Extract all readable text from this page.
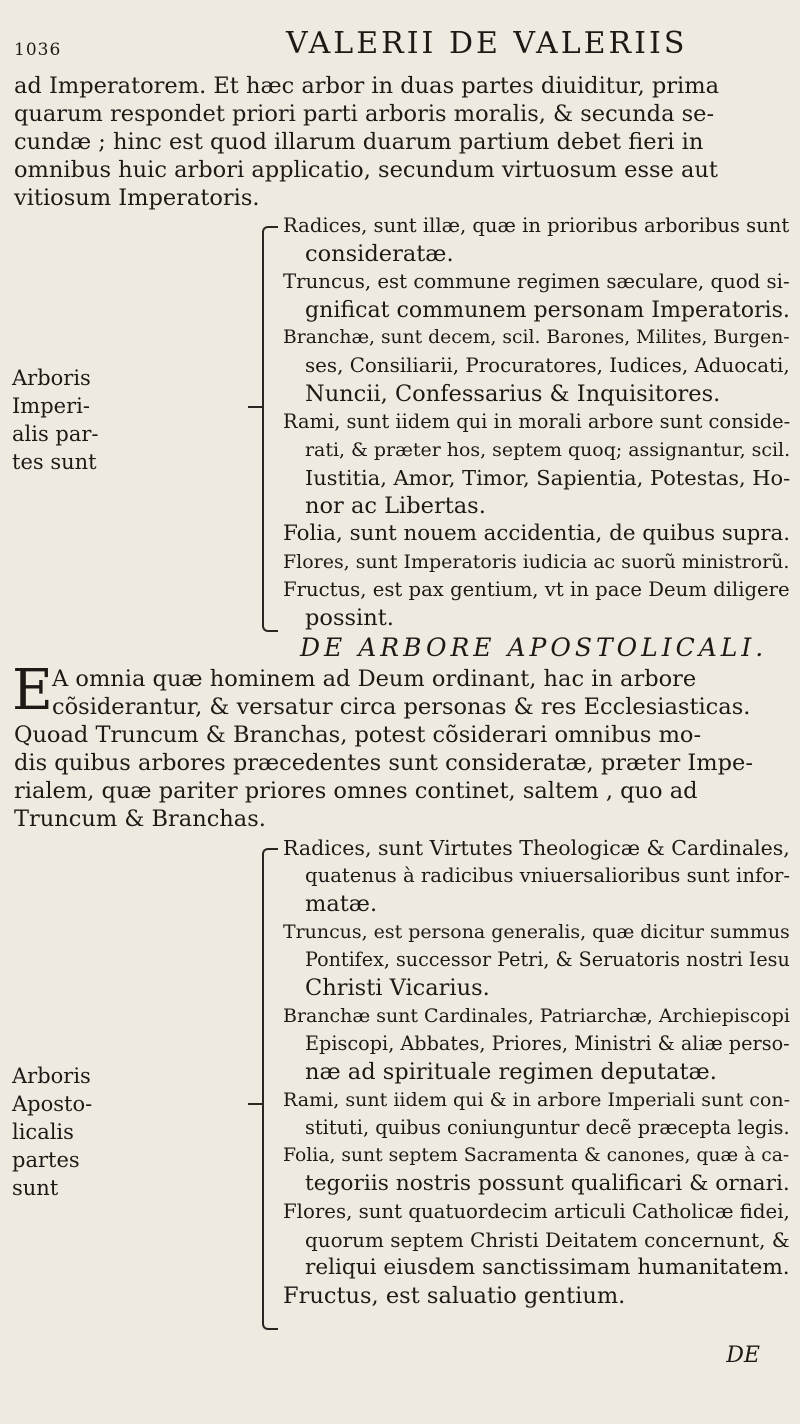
1036	VALERII DE VALERIIS
ad Imperatorem. Et hæc arbor in duas partes diuiditur, prima
quarum respondet priori parti arboris moralis, & secunda se-
cundæ ; hinc est quod illarum duarum partium debet fieri in
omnibus huic arbori applicatio, secundum virtuosum esse aut
vitiosum Imperatoris.
Arboris
Imperi-
alis par-
tes sunt
Radices, sunt illæ, quæ in prioribus arboribus sunt
consideratæ.
Truncus, est commune regimen sæculare, quod si-
gnificat communem personam Imperatoris.
Branchæ, sunt decem, scil. Barones, Milites, Burgen-
ses, Consiliarii, Procuratores, Iudices, Aduocati,
Nuncii, Confessarius & Inquisitores.
Rami, sunt iidem qui in morali arbore sunt conside-
rati, & præter hos, septem quoq; assignantur, scil.
Iustitia, Amor, Timor, Sapientia, Potestas, Ho-
nor ac Libertas.
Folia, sunt nouem accidentia, de quibus supra.
Flores, sunt Imperatoris iudicia ac suorũ ministrorũ.
Fructus, est pax gentium, vt in pace Deum diligere
possint.
DE ARBORE APOSTOLICALI.
E A omnia quæ hominem ad Deum ordinant, hac in arbore
cõsiderantur, & versatur circa personas & res Ecclesiasticas.
Quoad Truncum & Branchas, potest cõsiderari omnibus mo-
dis quibus arbores præcedentes sunt consideratæ, præter Impe-
rialem, quæ pariter priores omnes continet, saltem , quo ad
Truncum & Branchas.
Arboris
Aposto-
licalis
partes
sunt
Radices, sunt Virtutes Theologicæ & Cardinales,
quatenus à radicibus vniuersalioribus sunt infor-
matæ.
Truncus, est persona generalis, quæ dicitur summus
Pontifex, successor Petri, & Seruatoris nostri Iesu
Christi Vicarius.
Branchæ sunt Cardinales, Patriarchæ, Archiepiscopi
Episcopi, Abbates, Priores, Ministri & aliæ perso-
næ ad spirituale regimen deputatæ.
Rami, sunt iidem qui & in arbore Imperiali sunt con-
stituti, quibus coniunguntur decẽ præcepta legis.
Folia, sunt septem Sacramenta & canones, quæ à ca-
tegoriis nostris possunt qualificari & ornari.
Flores, sunt quatuordecim articuli Catholicæ fidei,
quorum septem Christi Deitatem concernunt, &
reliqui eiusdem sanctissimam humanitatem.
Fructus, est saluatio gentium.
DE
